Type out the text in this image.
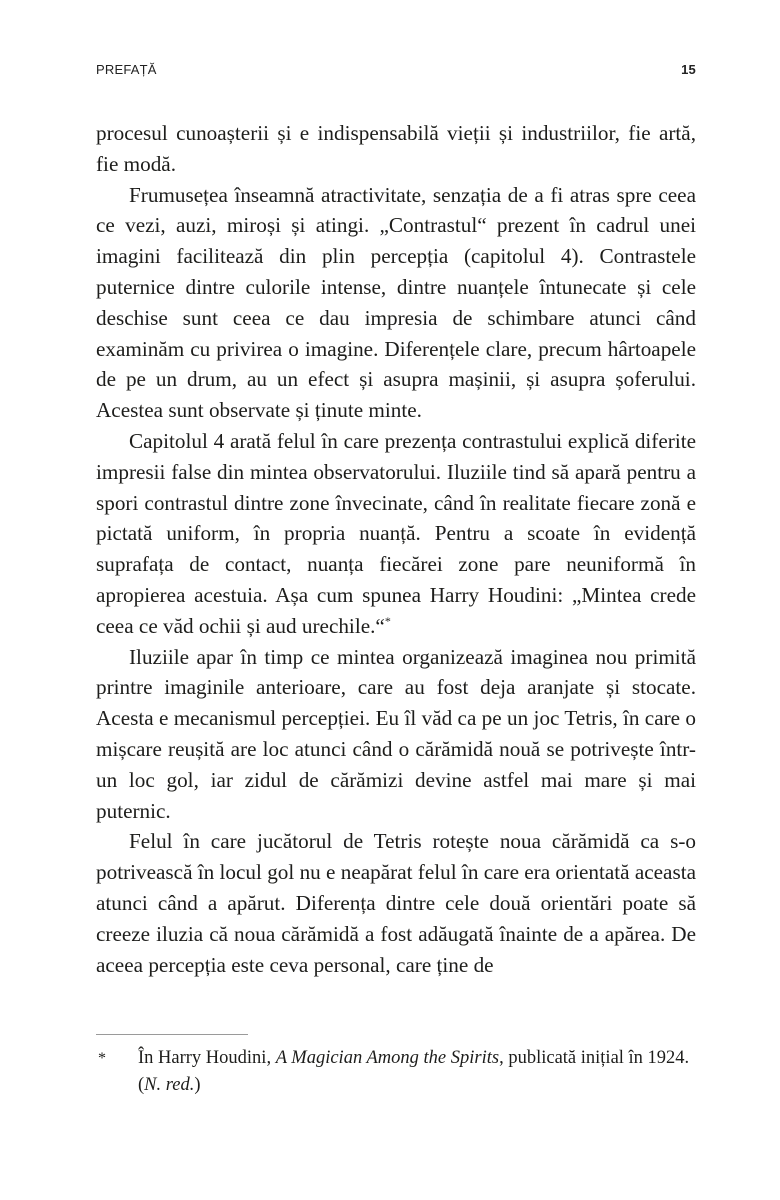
PREFAȚĂ	15

procesul cunoașterii și e indispensabilă vieții și industriilor, fie artă, fie modă.

Frumusețea înseamnă atractivitate, senzația de a fi atras spre ceea ce vezi, auzi, miroși și atingi. „Contrastul“ prezent în cadrul unei imagini facilitează din plin percepția (capitolul 4). Contrastele puternice dintre culorile intense, dintre nuanțele întunecate și cele deschise sunt ceea ce dau impresia de schimbare atunci când examinăm cu privirea o imagine. Diferențele clare, precum hârtoapele de pe un drum, au un efect și asupra mașinii, și asupra șoferului. Acestea sunt observate și ținute minte.

Capitolul 4 arată felul în care prezența contrastului explică diferite impresii false din mintea observatorului. Iluziile tind să apară pentru a spori contrastul dintre zone învecinate, când în realitate fiecare zonă e pictată uniform, în propria nuanță. Pentru a scoate în evidență suprafața de contact, nuanța fiecărei zone pare neuniformă în apropierea acestuia. Așa cum spunea Harry Houdini: „Mintea crede ceea ce văd ochii și aud urechile.“*

Iluziile apar în timp ce mintea organizează imaginea nou primită printre imaginile anterioare, care au fost deja aranjate și stocate. Acesta e mecanismul percepției. Eu îl văd ca pe un joc Tetris, în care o mișcare reușită are loc atunci când o cărămidă nouă se potrivește într-un loc gol, iar zidul de cărămizi devine astfel mai mare și mai puternic.

Felul în care jucătorul de Tetris rotește noua cărămidă ca s-o potrivească în locul gol nu e neapărat felul în care era orientată aceasta atunci când a apărut. Diferența dintre cele două orientări poate să creeze iluzia că noua cărămidă a fost adăugată înainte de a apărea. De aceea percepția este ceva personal, care ține de

* În Harry Houdini, A Magician Among the Spirits, publicată inițial în 1924. (N. red.)
